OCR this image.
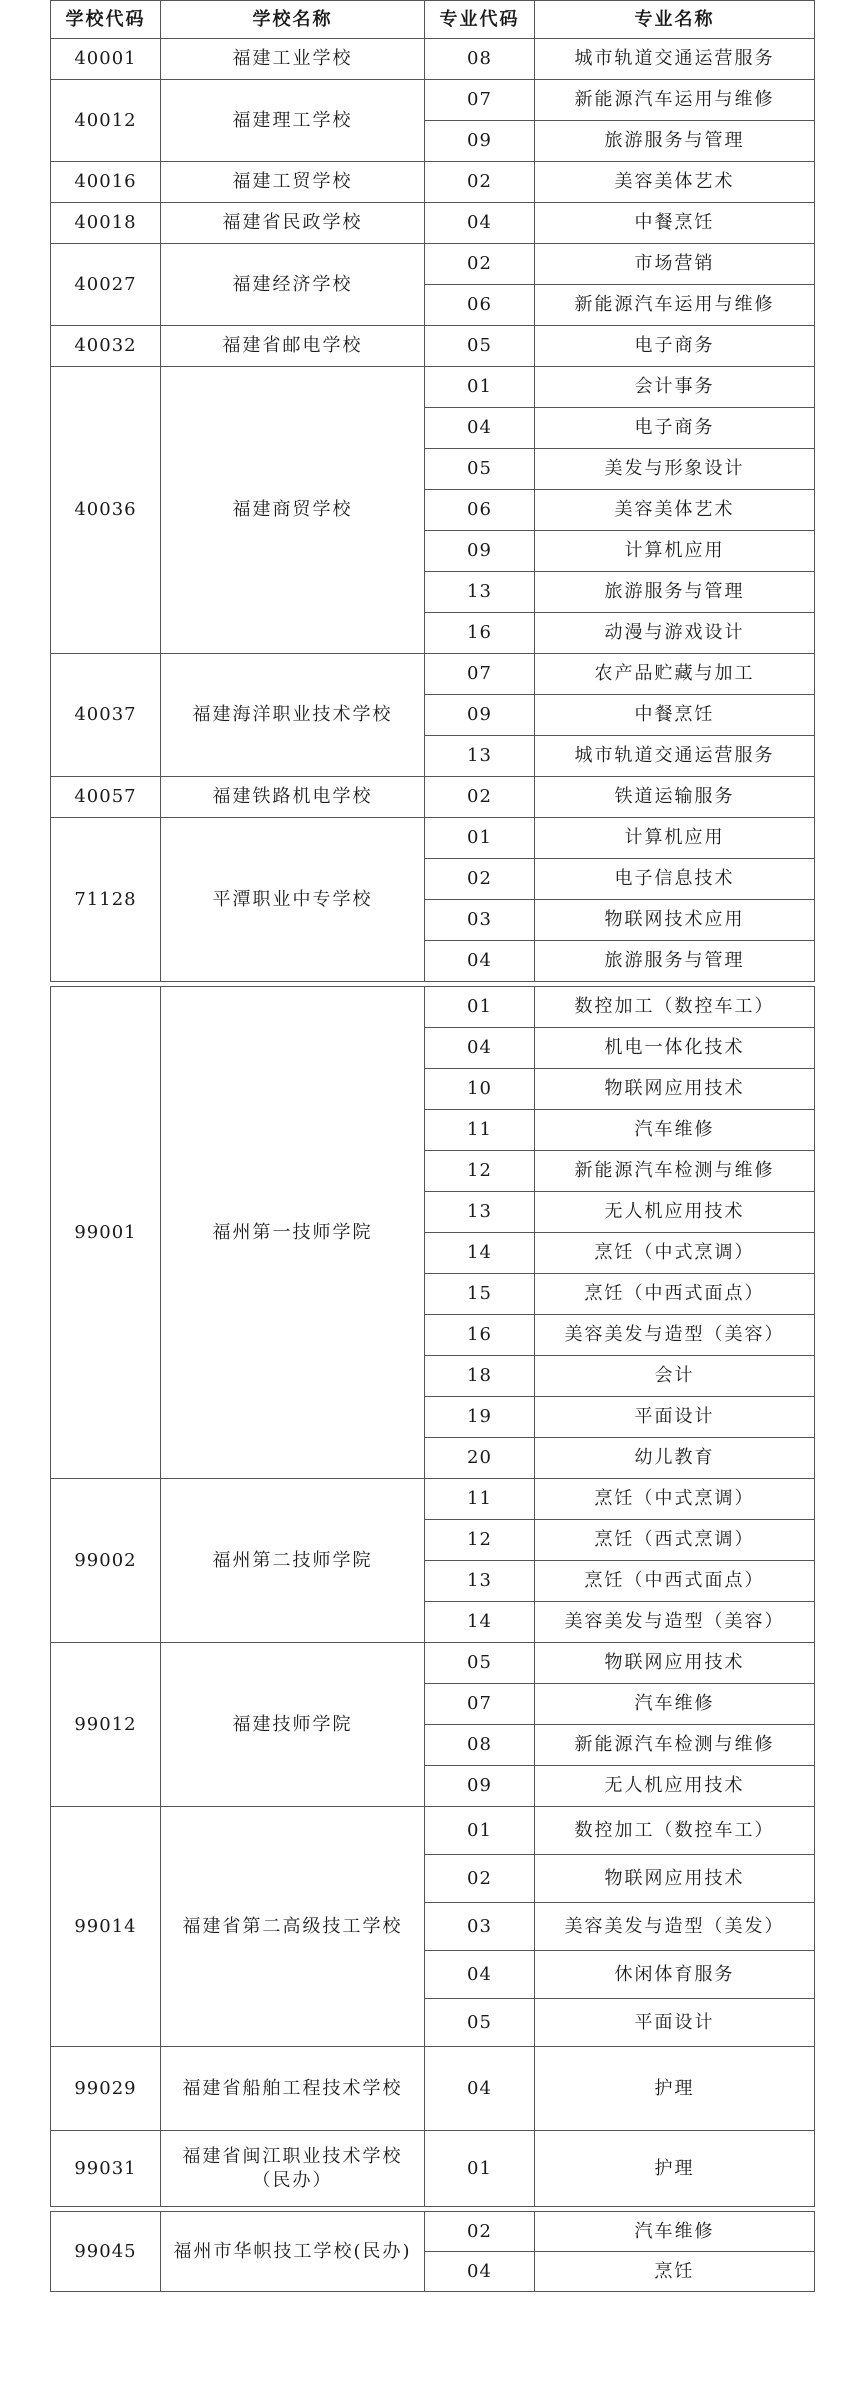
学校代码	学校名称	专业代码	专业名称
40001	福建工业学校	08	城市轨道交通运营服务
40012	福建理工学校	07	新能源汽车运用与维修
		09	旅游服务与管理
40016	福建工贸学校	02	美容美体艺术
40018	福建省民政学校	04	中餐烹饪
40027	福建经济学校	02	市场营销
		06	新能源汽车运用与维修
40032	福建省邮电学校	05	电子商务
40036	福建商贸学校	01	会计事务
		04	电子商务
		05	美发与形象设计
		06	美容美体艺术
		09	计算机应用
		13	旅游服务与管理
		16	动漫与游戏设计
40037	福建海洋职业技术学校	07	农产品贮藏与加工
		09	中餐烹饪
		13	城市轨道交通运营服务
40057	福建铁路机电学校	02	铁道运输服务
71128	平潭职业中专学校	01	计算机应用
		02	电子信息技术
		03	物联网技术应用
		04	旅游服务与管理

99001	福州第一技师学院	01	数控加工（数控车工）
		04	机电一体化技术
		10	物联网应用技术
		11	汽车维修
		12	新能源汽车检测与维修
		13	无人机应用技术
		14	烹饪（中式烹调）
		15	烹饪（中西式面点）
		16	美容美发与造型（美容）
		18	会计
		19	平面设计
		20	幼儿教育
99002	福州第二技师学院	11	烹饪（中式烹调）
		12	烹饪（西式烹调）
		13	烹饪（中西式面点）
		14	美容美发与造型（美容）
99012	福建技师学院	05	物联网应用技术
		07	汽车维修
		08	新能源汽车检测与维修
		09	无人机应用技术
99014	福建省第二高级技工学校	01	数控加工（数控车工）
		02	物联网应用技术
		03	美容美发与造型（美发）
		04	休闲体育服务
		05	平面设计
99029	福建省船舶工程技术学校	04	护理
99031	福建省闽江职业技术学校（民办）	01	护理

99045	福州市华帜技工学校(民办)	02	汽车维修
		04	烹饪
